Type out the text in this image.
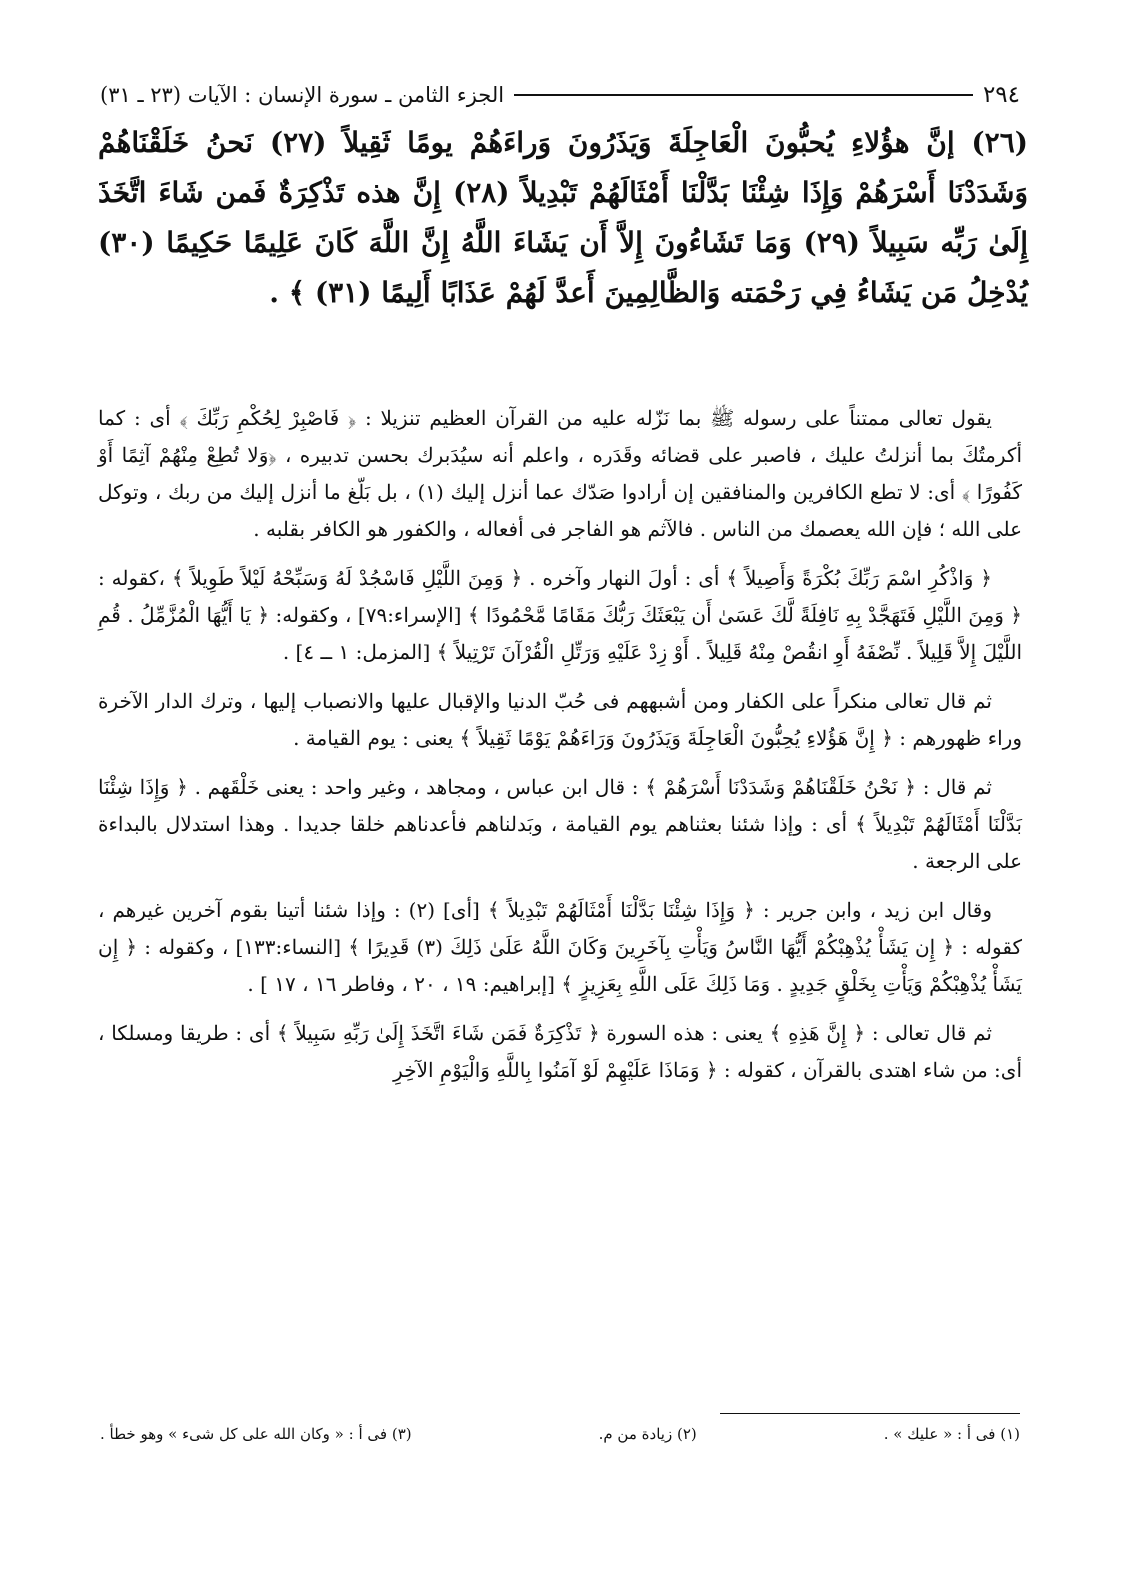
الجزء الثامن ـ سورة الإنسان : الآيات (٢٣ ـ ٣١)	٢٩٤
(٢٦) إنَّ هؤُلاءِ يُحبُّونَ الْعَاجِلَةَ وَيَذَرُونَ وَراءَهُمْ يومًا ثَقِيلاً (٢٧) نَحنُ خَلَقْنَاهُمْ وَشَدَدْنَا أَسْرَهُمْ وَإِذَا شِئْنَا بَدَّلْنَا أَمْثَالَهُمْ تَبْدِيلاً (٢٨) إِنَّ هذه تَذْكِرَةٌ فَمن شَاءَ اتَّخَذَ إِلَىٰ رَبِّه سَبِيلاً (٢٩) وَمَا تَشَاءُونَ إِلاَّ أَن يَشَاءَ اللَّهُ إِنَّ اللَّهَ كَانَ عَلِيمًا حَكِيمًا (٣٠) يُدْخِلُ مَن يَشَاءُ فِي رَحْمَته وَالظَّالِمِينَ أَعدَّ لَهُمْ عَذَابًا أَلِيمًا (٣١) ﴾ .

يقول تعالى ممتناً على رسوله ﷺ بما نَزّله عليه من القرآن العظيم تنزيلا : ﴿ فَاصْبِرْ لِحُكْمِ رَبِّكَ ﴾ أى : كما أكرمتُكَ بما أنزلتُ عليك ، فاصبر على قضائه وقَدَره ، واعلم أنه سيُدَبرك بحسن تدبيره ، ﴿وَلا تُطِعْ مِنْهُمْ آثِمًا أَوْ كَفُورًا ﴾ أى: لا تطع الكافرين والمنافقين إن أرادوا صَدّك عما أنزل إليك (١) ، بل بَلّغ ما أنزل إليك من ربك ، وتوكل على الله ؛ فإن الله يعصمك من الناس . فالآثم هو الفاجر فى أفعاله ، والكفور هو الكافر بقلبه .

﴿ وَاذْكُرِ اسْمَ رَبِّكَ بُكْرَةً وَأَصِيلاً ﴾ أى : أولَ النهار وآخره . ﴿ وَمِنَ اللَّيْلِ فَاسْجُدْ لَهُ وَسَبِّحْهُ لَيْلاً طَوِيلاً ﴾ ،كقوله : ﴿ وَمِنَ اللَّيْلِ فَتَهَجَّدْ بِهِ نَافِلَةً لَّكَ عَسَىٰ أَن يَبْعَثَكَ رَبُّكَ مَقَامًا مَّحْمُودًا ﴾ [الإسراء:٧٩] ، وكقوله: ﴿ يَا أَيُّهَا الْمُزَّمِّلُ . قُمِ اللَّيْلَ إِلاَّ قَلِيلاً . نِّصْفَهُ أَوِ انقُصْ مِنْهُ قَلِيلاً . أَوْ زِدْ عَلَيْهِ وَرَتِّلِ الْقُرْآنَ تَرْتِيلاً ﴾ [المزمل: ١ ــ ٤] .

ثم قال تعالى منكراً على الكفار ومن أشبههم فى حُبّ الدنيا والإقبال عليها والانصباب إليها ، وترك الدار الآخرة وراء ظهورهم : ﴿ إِنَّ هَؤُلاءِ يُحِبُّونَ الْعَاجِلَةَ وَيَذَرُونَ وَرَاءَهُمْ يَوْمًا ثَقِيلاً ﴾ يعنى : يوم القيامة .

ثم قال : ﴿ نَحْنُ خَلَقْنَاهُمْ وَشَدَدْنَا أَسْرَهُمْ ﴾ : قال ابن عباس ، ومجاهد ، وغير واحد : يعنى خَلْقَهم . ﴿ وَإِذَا شِئْنَا بَدَّلْنَا أَمْثَالَهُمْ تَبْدِيلاً ﴾ أى : وإذا شئنا بعثناهم يوم القيامة ، وبَدلناهم فأعدناهم خلقا جديدا . وهذا استدلال بالبداءة على الرجعة .

وقال ابن زيد ، وابن جرير : ﴿ وَإِذَا شِئْنَا بَدَّلْنَا أَمْثَالَهُمْ تَبْدِيلاً ﴾ [أى] (٢) : وإذا شئنا أتينا بقوم آخرين غيرهم ، كقوله : ﴿ إِن يَشَأْ يُذْهِبْكُمْ أَيُّهَا النَّاسُ وَيَأْتِ بِآخَرِينَ وَكَانَ اللَّهُ عَلَىٰ ذَلِكَ (٣) قَدِيرًا ﴾ [النساء:١٣٣] ، وكقوله : ﴿ إِن يَشَأْ يُذْهِبْكُمْ وَيَأْتِ بِخَلْقٍ جَدِيدٍ . وَمَا ذَلِكَ عَلَى اللَّهِ بِعَزِيزٍ ﴾ [إبراهيم: ١٩ ، ٢٠ ، وفاطر ١٦ ، ١٧ ] .

ثم قال تعالى : ﴿ إِنَّ هَذِهِ ﴾ يعنى : هذه السورة ﴿ تَذْكِرَةٌ فَمَن شَاءَ اتَّخَذَ إِلَىٰ رَبِّهِ سَبِيلاً ﴾ أى : طريقا ومسلكا ، أى: من شاء اهتدى بالقرآن ، كقوله : ﴿ وَمَاذَا عَلَيْهِمْ لَوْ آمَنُوا بِاللَّهِ وَالْيَوْمِ الآخِرِ

(١) فى أ : « عليك » .
(٢) زيادة من م.
(٣) فى أ : « وكان الله على كل شىء » وهو خطأ .
